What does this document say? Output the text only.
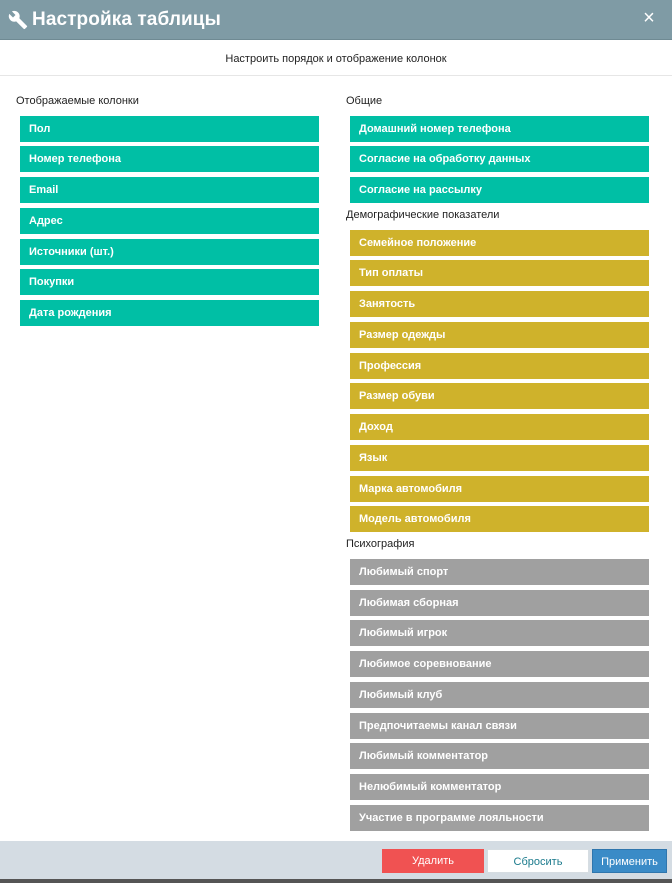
Настройка таблицы	×
Настроить порядок и отображение колонок
Отображаемые колонки
Пол
Номер телефона
Email
Адрес
Источники (шт.)
Покупки
Дата рождения
Общие
Домашний номер телефона
Согласие на обработку данных
Согласие на рассылку
Демографические показатели
Семейное положение
Тип оплаты
Занятость
Размер одежды
Профессия
Размер обуви
Доход
Язык
Марка автомобиля
Модель автомобиля
Психография
Любимый спорт
Любимая сборная
Любимый игрок
Любимое соревнование
Любимый клуб
Предпочитаемы канал связи
Любимый комментатор
Нелюбимый комментатор
Участие в программе лояльности
Удалить	Сбросить	Применить
